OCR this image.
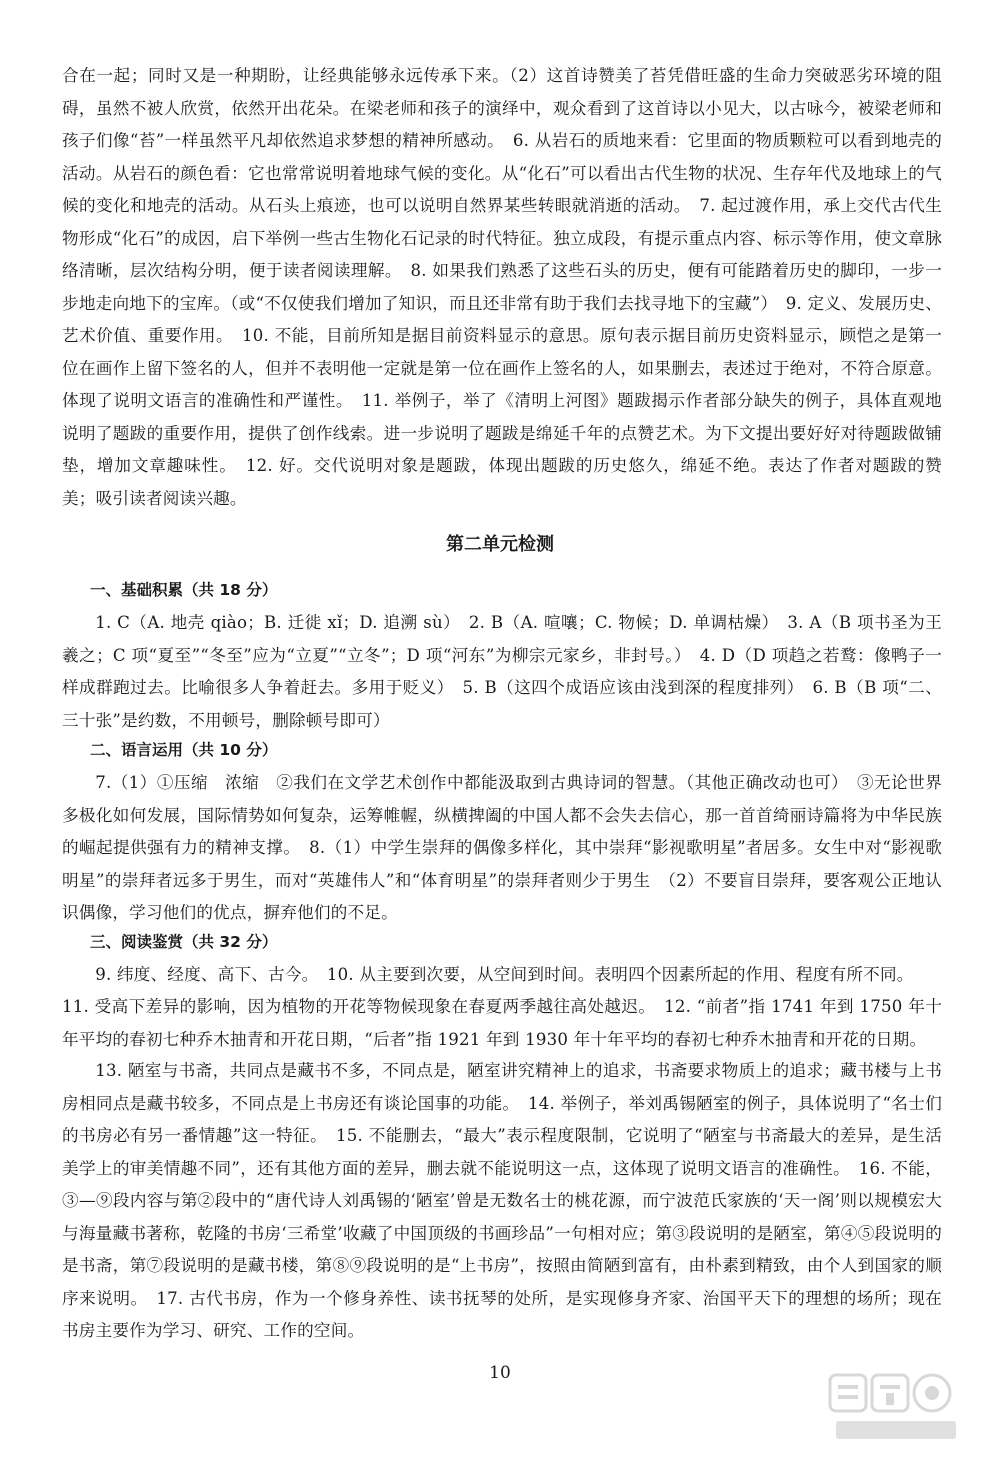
合在一起；同时又是一种期盼，让经典能够永远传承下来。（2）这首诗赞美了苔凭借旺盛的生命力突破恶劣环境的阻碍，虽然不被人欣赏，依然开出花朵。在梁老师和孩子的演绎中，观众看到了这首诗以小见大，以古咏今，被梁老师和孩子们像“苔”一样虽然平凡却依然追求梦想的精神所感动。　6. 从岩石的质地来看：它里面的物质颗粒可以看到地壳的活动。从岩石的颜色看：它也常常说明着地球气候的变化。从“化石”可以看出古代生物的状况、生存年代及地球上的气候的变化和地壳的活动。从石头上痕迹，也可以说明自然界某些转眼就消逝的活动。　7. 起过渡作用，承上交代古代生物形成“化石”的成因，启下举例一些古生物化石记录的时代特征。独立成段，有提示重点内容、标示等作用，使文章脉络清晰，层次结构分明，便于读者阅读理解。　8. 如果我们熟悉了这些石头的历史，便有可能踏着历史的脚印，一步一步地走向地下的宝库。（或“不仅使我们增加了知识，而且还非常有助于我们去找寻地下的宝藏”）　9. 定义、发展历史、艺术价值、重要作用。　10. 不能，目前所知是据目前资料显示的意思。原句表示据目前历史资料显示，顾恺之是第一位在画作上留下签名的人，但并不表明他一定就是第一位在画作上签名的人，如果删去，表述过于绝对，不符合原意。体现了说明文语言的准确性和严谨性。　11. 举例子，举了《清明上河图》题跋揭示作者部分缺失的例子，具体直观地说明了题跋的重要作用，提供了创作线索。进一步说明了题跋是绵延千年的点赞艺术。为下文提出要好好对待题跋做铺垫，增加文章趣味性。　12. 好。交代说明对象是题跋，体现出题跋的历史悠久，绵延不绝。表达了作者对题跋的赞美；吸引读者阅读兴趣。

第二单元检测
一、基础积累（共 18 分）

1. C（A. 地壳 qiào；B. 迁徙 xǐ；D. 追溯 sù）　2. B（A. 喧嚷；C. 物候；D. 单调枯燥）　3. A（B 项书圣为王羲之；C 项“夏至”“冬至”应为“立夏”“立冬”；D 项“河东”为柳宗元家乡，非封号。）　4. D（D 项趋之若鹜：像鸭子一样成群跑过去。比喻很多人争着赶去。多用于贬义）　5. B（这四个成语应该由浅到深的程度排列）　6. B（B 项“二、三十张”是约数，不用顿号，删除顿号即可）

二、语言运用（共 10 分）

7.（1）①压缩　浓缩　②我们在文学艺术创作中都能汲取到古典诗词的智慧。（其他正确改动也可）　③无论世界多极化如何发展，国际情势如何复杂，运筹帷幄，纵横捭阖的中国人都不会失去信心，那一首首绮丽诗篇将为中华民族的崛起提供强有力的精神支撑。　8.（1）中学生崇拜的偶像多样化，其中崇拜“影视歌明星”者居多。女生中对“影视歌明星”的崇拜者远多于男生，而对“英雄伟人”和“体育明星”的崇拜者则少于男生　（2）不要盲目崇拜，要客观公正地认识偶像，学习他们的优点，摒弃他们的不足。

三、阅读鉴赏（共 32 分）

9. 纬度、经度、高下、古今。　10. 从主要到次要，从空间到时间。表明四个因素所起的作用、程度有所不同。

11. 受高下差异的影响，因为植物的开花等物候现象在春夏两季越往高处越迟。　12. “前者”指 1741 年到 1750 年十年平均的春初七种乔木抽青和开花日期，“后者”指 1921 年到 1930 年十年平均的春初七种乔木抽青和开花的日期。

13. 陋室与书斋，共同点是藏书不多，不同点是，陋室讲究精神上的追求，书斋要求物质上的追求；藏书楼与上书房相同点是藏书较多，不同点是上书房还有谈论国事的功能。　14. 举例子，举刘禹锡陋室的例子，具体说明了“名士们的书房必有另一番情趣”这一特征。　15. 不能删去，“最大”表示程度限制，它说明了“陋室与书斋最大的差异，是生活美学上的审美情趣不同”，还有其他方面的差异，删去就不能说明这一点，这体现了说明文语言的准确性。　16. 不能，③—⑨段内容与第②段中的“唐代诗人刘禹锡的‘陋室’曾是无数名士的桃花源，而宁波范氏家族的‘天一阁’则以规模宏大与海量藏书著称，乾隆的书房‘三希堂’收藏了中国顶级的书画珍品”一句相对应；第③段说明的是陋室，第④⑤段说明的是书斋，第⑦段说明的是藏书楼，第⑧⑨段说明的是“上书房”，按照由简陋到富有，由朴素到精致，由个人到国家的顺序来说明。　17. 古代书房，作为一个修身养性、读书抚琴的处所，是实现修身齐家、治国平天下的理想的场所；现在书房主要作为学习、研究、工作的空间。

10
